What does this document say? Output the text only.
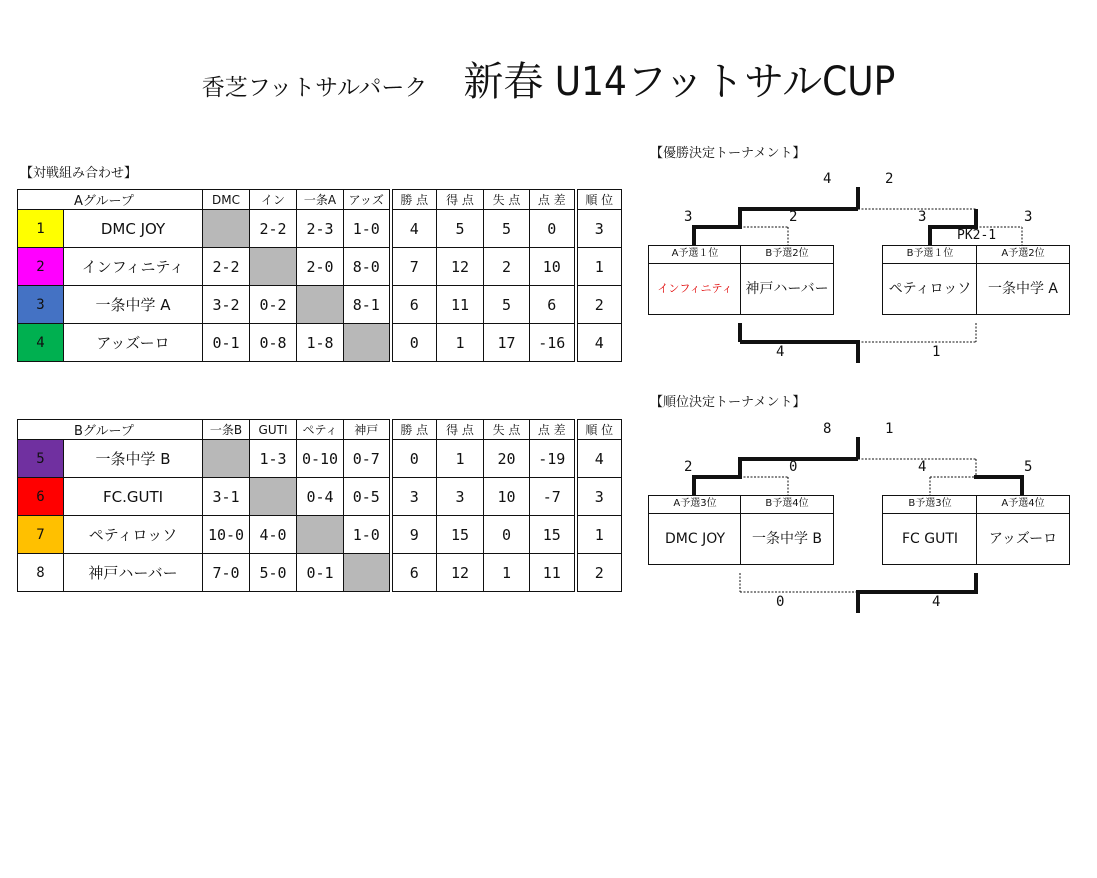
香芝フットサルパーク 新春 U14フットサルCUP
【対戦組み合わせ】
【優勝決定トーナメント】
【順位決定トーナメント】
Aグループ		DMC	イン	一条A	アッズ	勝 点	得 点	失 点	点 差	順 位
1	DMC JOY		2-2	2-3	1-0	4	5	5	0	3
2	インフィニティ	2-2		2-0	8-0	7	12	2	10	1
3	一条中学 A	3-2	0-2		8-1	6	11	5	6	2
4	アッズーロ	0-1	0-8	1-8		0	1	17	-16	4
Bグループ		一条B	GUTI	ペティ	神戸	勝 点	得 点	失 点	点 差	順 位
5	一条中学 B		1-3	0-10	0-7	0	1	20	-19	4
6	FC.GUTI	3-1		0-4	0-5	3	3	10	-7	3
7	ペティロッソ	10-0	4-0		1-0	9	15	0	15	1
8	神戸ハーバー	7-0	5-0	0-1		6	12	1	11	2
4	2
3	2	3	3
PK2-1
4	1
A予選１位
インフィニティ
B予選2位
神戸ハーバー
B予選１位
ペティロッソ
A予選2位
一条中学 A
8	1
2	0	4	5
0	4
A予選3位
DMC JOY
B予選4位
一条中学 B
B予選3位
FC GUTI
A予選4位
アッズーロ
